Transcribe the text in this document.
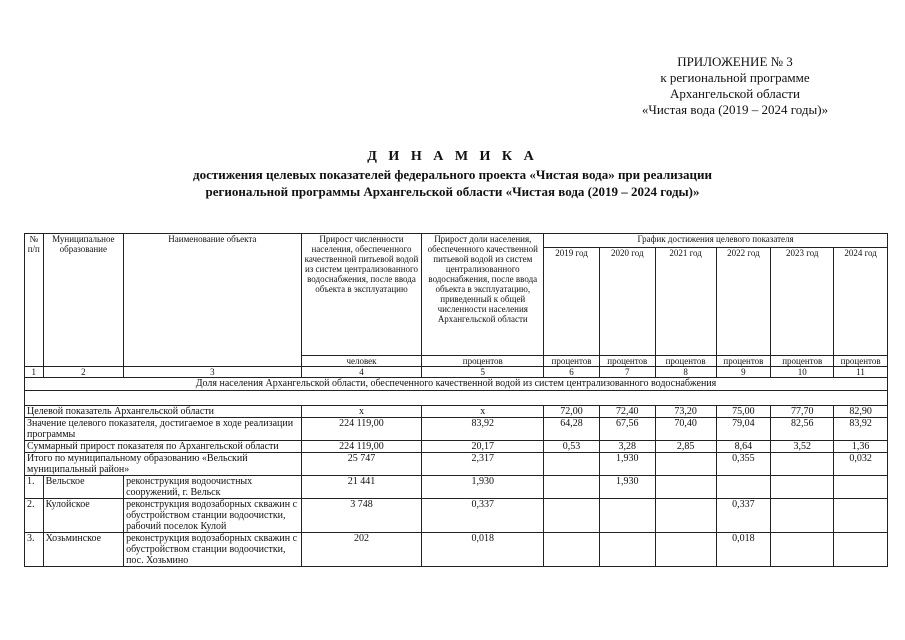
ПРИЛОЖЕНИЕ № 3
к региональной программе
Архангельской области
«Чистая вода (2019 – 2024 годы)»
Д И Н А М И К А
достижения целевых показателей федерального проекта «Чистая вода» при реализации
региональной программы Архангельской области «Чистая вода (2019 – 2024 годы)»
№ п/п	Муниципальное образование	Наименование объекта	Прирост численности населения, обеспеченного качественной питьевой водой из систем централизованного водоснабжения, после ввода объекта в эксплуатацию	Прирост доли населения, обеспеченного качественной питьевой водой из систем централизованного водоснабжения, после ввода объекта в эксплуатацию, приведенный к общей численности населения Архангельской области	График достижения целевого показателя					
					2019 год	2020 год	2021 год	2022 год	2023 год	2024 год
			человек	процентов	процентов	процентов	процентов	процентов	процентов	процентов
1	2	3	4	5	6	7	8	9	10	11
Доля населения Архангельской области, обеспеченного качественной водой из систем централизованного водоснабжения										

Целевой показатель Архангельской области			x	x	72,00	72,40	73,20	75,00	77,70	82,90
Значение целевого показателя, достигаемое в ходе реализации программы			224 119,00	83,92	64,28	67,56	70,40	79,04	82,56	83,92
Суммарный прирост показателя по Архангельской области			224 119,00	20,17	0,53	3,28	2,85	8,64	3,52	1,36
Итого по муниципальному образованию «Вельский муниципальный район»			25 747	2,317		1,930		0,355		0,032
1.	Вельское	реконструкция водоочистных сооружений, г. Вельск	21 441	1,930		1,930				
2.	Кулойское	реконструкция водозаборных скважин с обустройством станции водоочистки, рабочий поселок Кулой	3 748	0,337				0,337		
3.	Хозьминское	реконструкция водозаборных скважин с обустройством станции водоочистки, пос. Хозьмино	202	0,018				0,018		
